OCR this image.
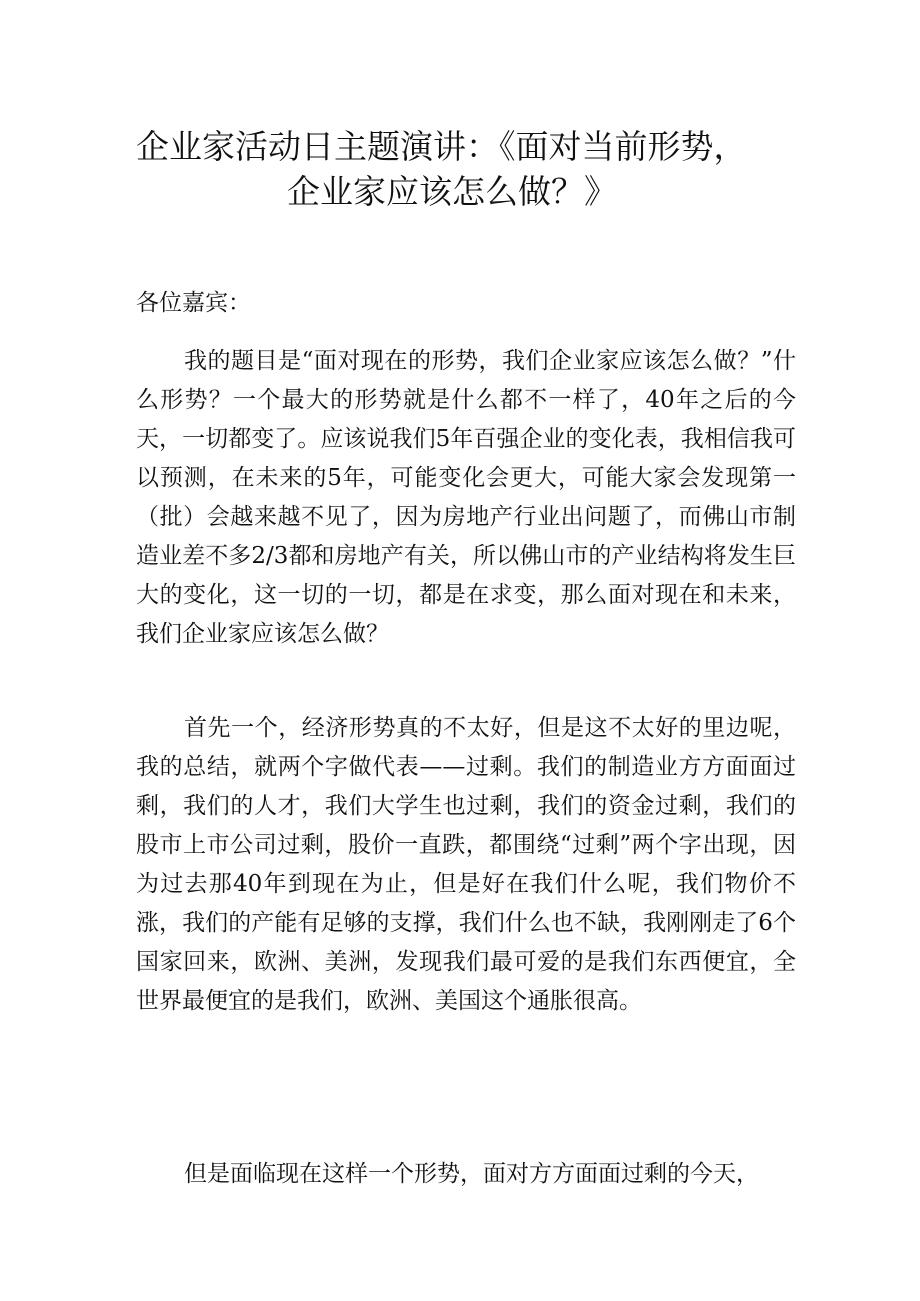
企业家活动日主题演讲：《面对当前形势，
企业家应该怎么做？》
各位嘉宾：

我的题目是“面对现在的形势，我们企业家应该怎么做？”什么形势？一个最大的形势就是什么都不一样了，40年之后的今天，一切都变了。应该说我们5年百强企业的变化表，我相信我可以预测，在未来的5年，可能变化会更大，可能大家会发现第一（批）会越来越不见了，因为房地产行业出问题了，而佛山市制造业差不多2/3都和房地产有关，所以佛山市的产业结构将发生巨大的变化，这一切的一切，都是在求变，那么面对现在和未来，我们企业家应该怎么做？

首先一个，经济形势真的不太好，但是这不太好的里边呢，我的总结，就两个字做代表——过剩。我们的制造业方方面面过剩，我们的人才，我们大学生也过剩，我们的资金过剩，我们的股市上市公司过剩，股价一直跌，都围绕“过剩”两个字出现，因为过去那40年到现在为止，但是好在我们什么呢，我们物价不涨，我们的产能有足够的支撑，我们什么也不缺，我刚刚走了6个国家回来，欧洲、美洲，发现我们最可爱的是我们东西便宜，全世界最便宜的是我们，欧洲、美国这个通胀很高。

但是面临现在这样一个形势，面对方方面面过剩的今天，
